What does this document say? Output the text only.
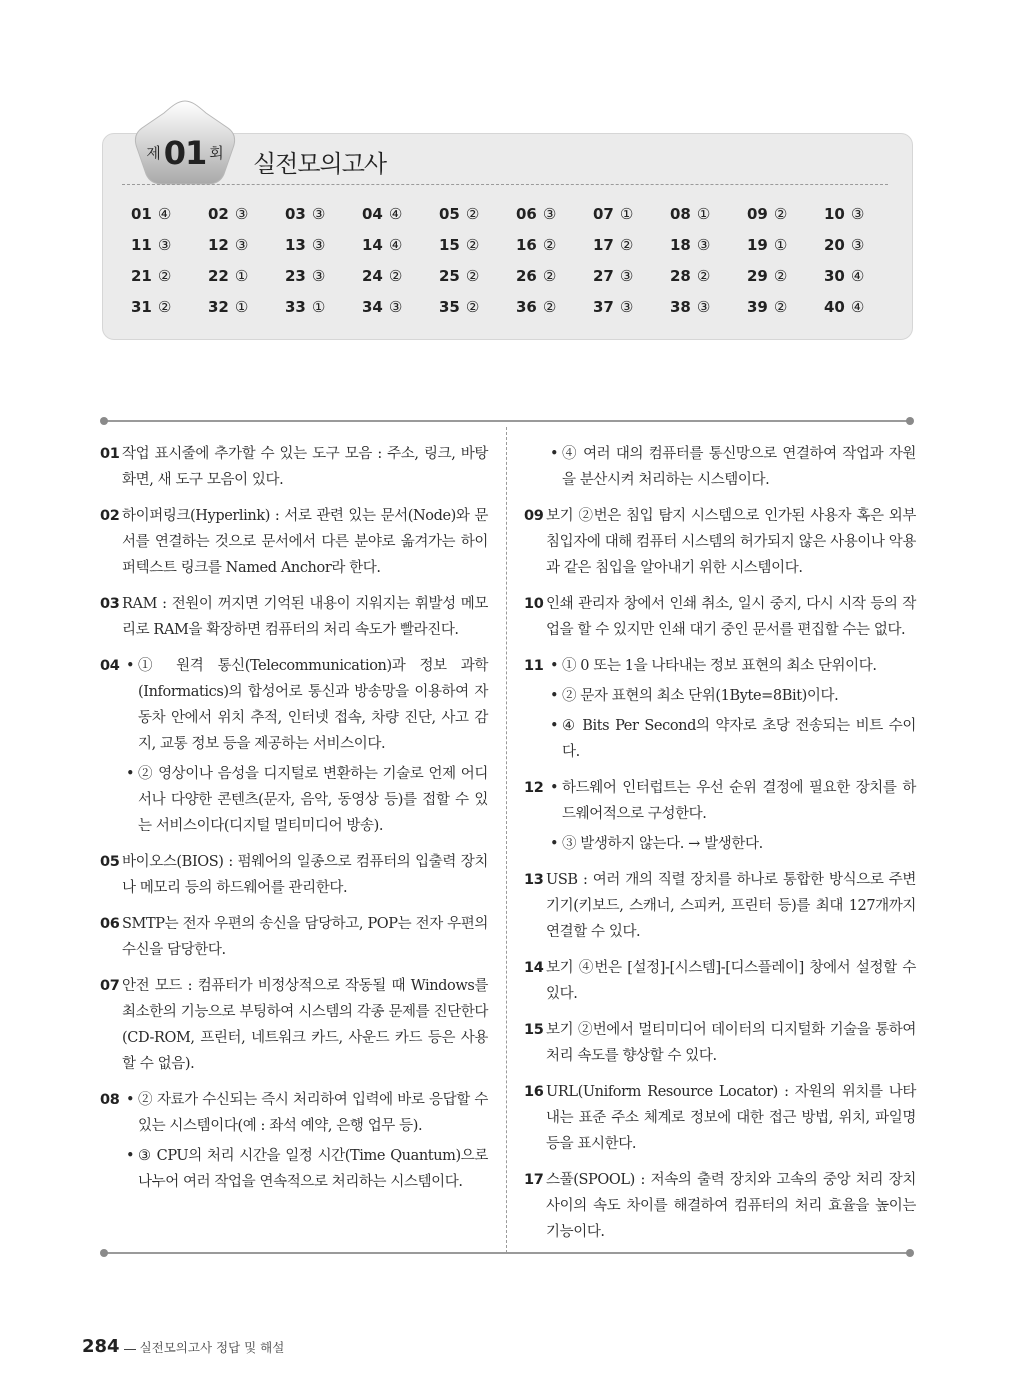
제01 회	실전모의고사
01 ④	02 ③	03 ③	04 ④	05 ②	06 ③	07 ①	08 ①	09 ②	10 ③
11 ③	12 ③	13 ③	14 ④	15 ②	16 ②	17 ②	18 ③	19 ①	20 ③
21 ②	22 ①	23 ③	24 ②	25 ②	26 ②	27 ③	28 ②	29 ②	30 ④
31 ②	32 ①	33 ①	34 ③	35 ②	36 ②	37 ③	38 ③	39 ②	40 ④
01 작업 표시줄에 추가할 수 있는 도구 모음 : 주소, 링크, 바탕화면, 새 도구 모음이 있다.
02 하이퍼링크(Hyperlink) : 서로 관련 있는 문서(Node)와 문서를 연결하는 것으로 문서에서 다른 분야로 옮겨가는 하이퍼텍스트 링크를 Named Anchor라 한다.
03 RAM : 전원이 꺼지면 기억된 내용이 지워지는 휘발성 메모리로 RAM을 확장하면 컴퓨터의 처리 속도가 빨라진다.
04	• ① 원격 통신(Telecommunication)과 정보 과학(Informatics)의 합성어로 통신과 방송망을 이용하여 자동차 안에서 위치 추적, 인터넷 접속, 차량 진단, 사고 감지, 교통 정보 등을 제공하는 서비스이다.
• ② 영상이나 음성을 디지털로 변환하는 기술로 언제 어디서나 다양한 콘텐츠(문자, 음악, 동영상 등)를 접할 수 있는 서비스이다(디지털 멀티미디어 방송).
05 바이오스(BIOS) : 펌웨어의 일종으로 컴퓨터의 입출력 장치나 메모리 등의 하드웨어를 관리한다.
06 SMTP는 전자 우편의 송신을 담당하고, POP는 전자 우편의 수신을 담당한다.
07 안전 모드 : 컴퓨터가 비정상적으로 작동될 때 Windows를 최소한의 기능으로 부팅하여 시스템의 각종 문제를 진단한다(CD-ROM, 프린터, 네트워크 카드, 사운드 카드 등은 사용할 수 없음).
08	• ② 자료가 수신되는 즉시 처리하여 입력에 바로 응답할 수 있는 시스템이다(예 : 좌석 예약, 은행 업무 등).
• ③ CPU의 처리 시간을 일정 시간(Time Quantum)으로 나누어 여러 작업을 연속적으로 처리하는 시스템이다.
• ④ 여러 대의 컴퓨터를 통신망으로 연결하여 작업과 자원을 분산시켜 처리하는 시스템이다.
09 보기 ②번은 침입 탐지 시스템으로 인가된 사용자 혹은 외부 침입자에 대해 컴퓨터 시스템의 허가되지 않은 사용이나 악용과 같은 침입을 알아내기 위한 시스템이다.
10 인쇄 관리자 창에서 인쇄 취소, 일시 중지, 다시 시작 등의 작업을 할 수 있지만 인쇄 대기 중인 문서를 편집할 수는 없다.
11	• ① 0 또는 1을 나타내는 정보 표현의 최소 단위이다.
• ② 문자 표현의 최소 단위(1Byte=8Bit)이다.
• ④ Bits Per Second의 약자로 초당 전송되는 비트 수이다.
12	• 하드웨어 인터럽트는 우선 순위 결정에 필요한 장치를 하드웨어적으로 구성한다.
• ③ 발생하지 않는다. → 발생한다.
13 USB : 여러 개의 직렬 장치를 하나로 통합한 방식으로 주변기기(키보드, 스캐너, 스피커, 프린터 등)를 최대 127개까지 연결할 수 있다.
14 보기 ④번은 [설정]-[시스템]-[디스플레이] 창에서 설정할 수 있다.
15 보기 ②번에서 멀티미디어 데이터의 디지털화 기술을 통하여 처리 속도를 향상할 수 있다.
16 URL(Uniform Resource Locator) : 자원의 위치를 나타내는 표준 주소 체계로 정보에 대한 접근 방법, 위치, 파일명 등을 표시한다.
17 스풀(SPOOL) : 저속의 출력 장치와 고속의 중앙 처리 장치 사이의 속도 차이를 해결하여 컴퓨터의 처리 효율을 높이는 기능이다.
284 실전모의고사 정답 및 해설
